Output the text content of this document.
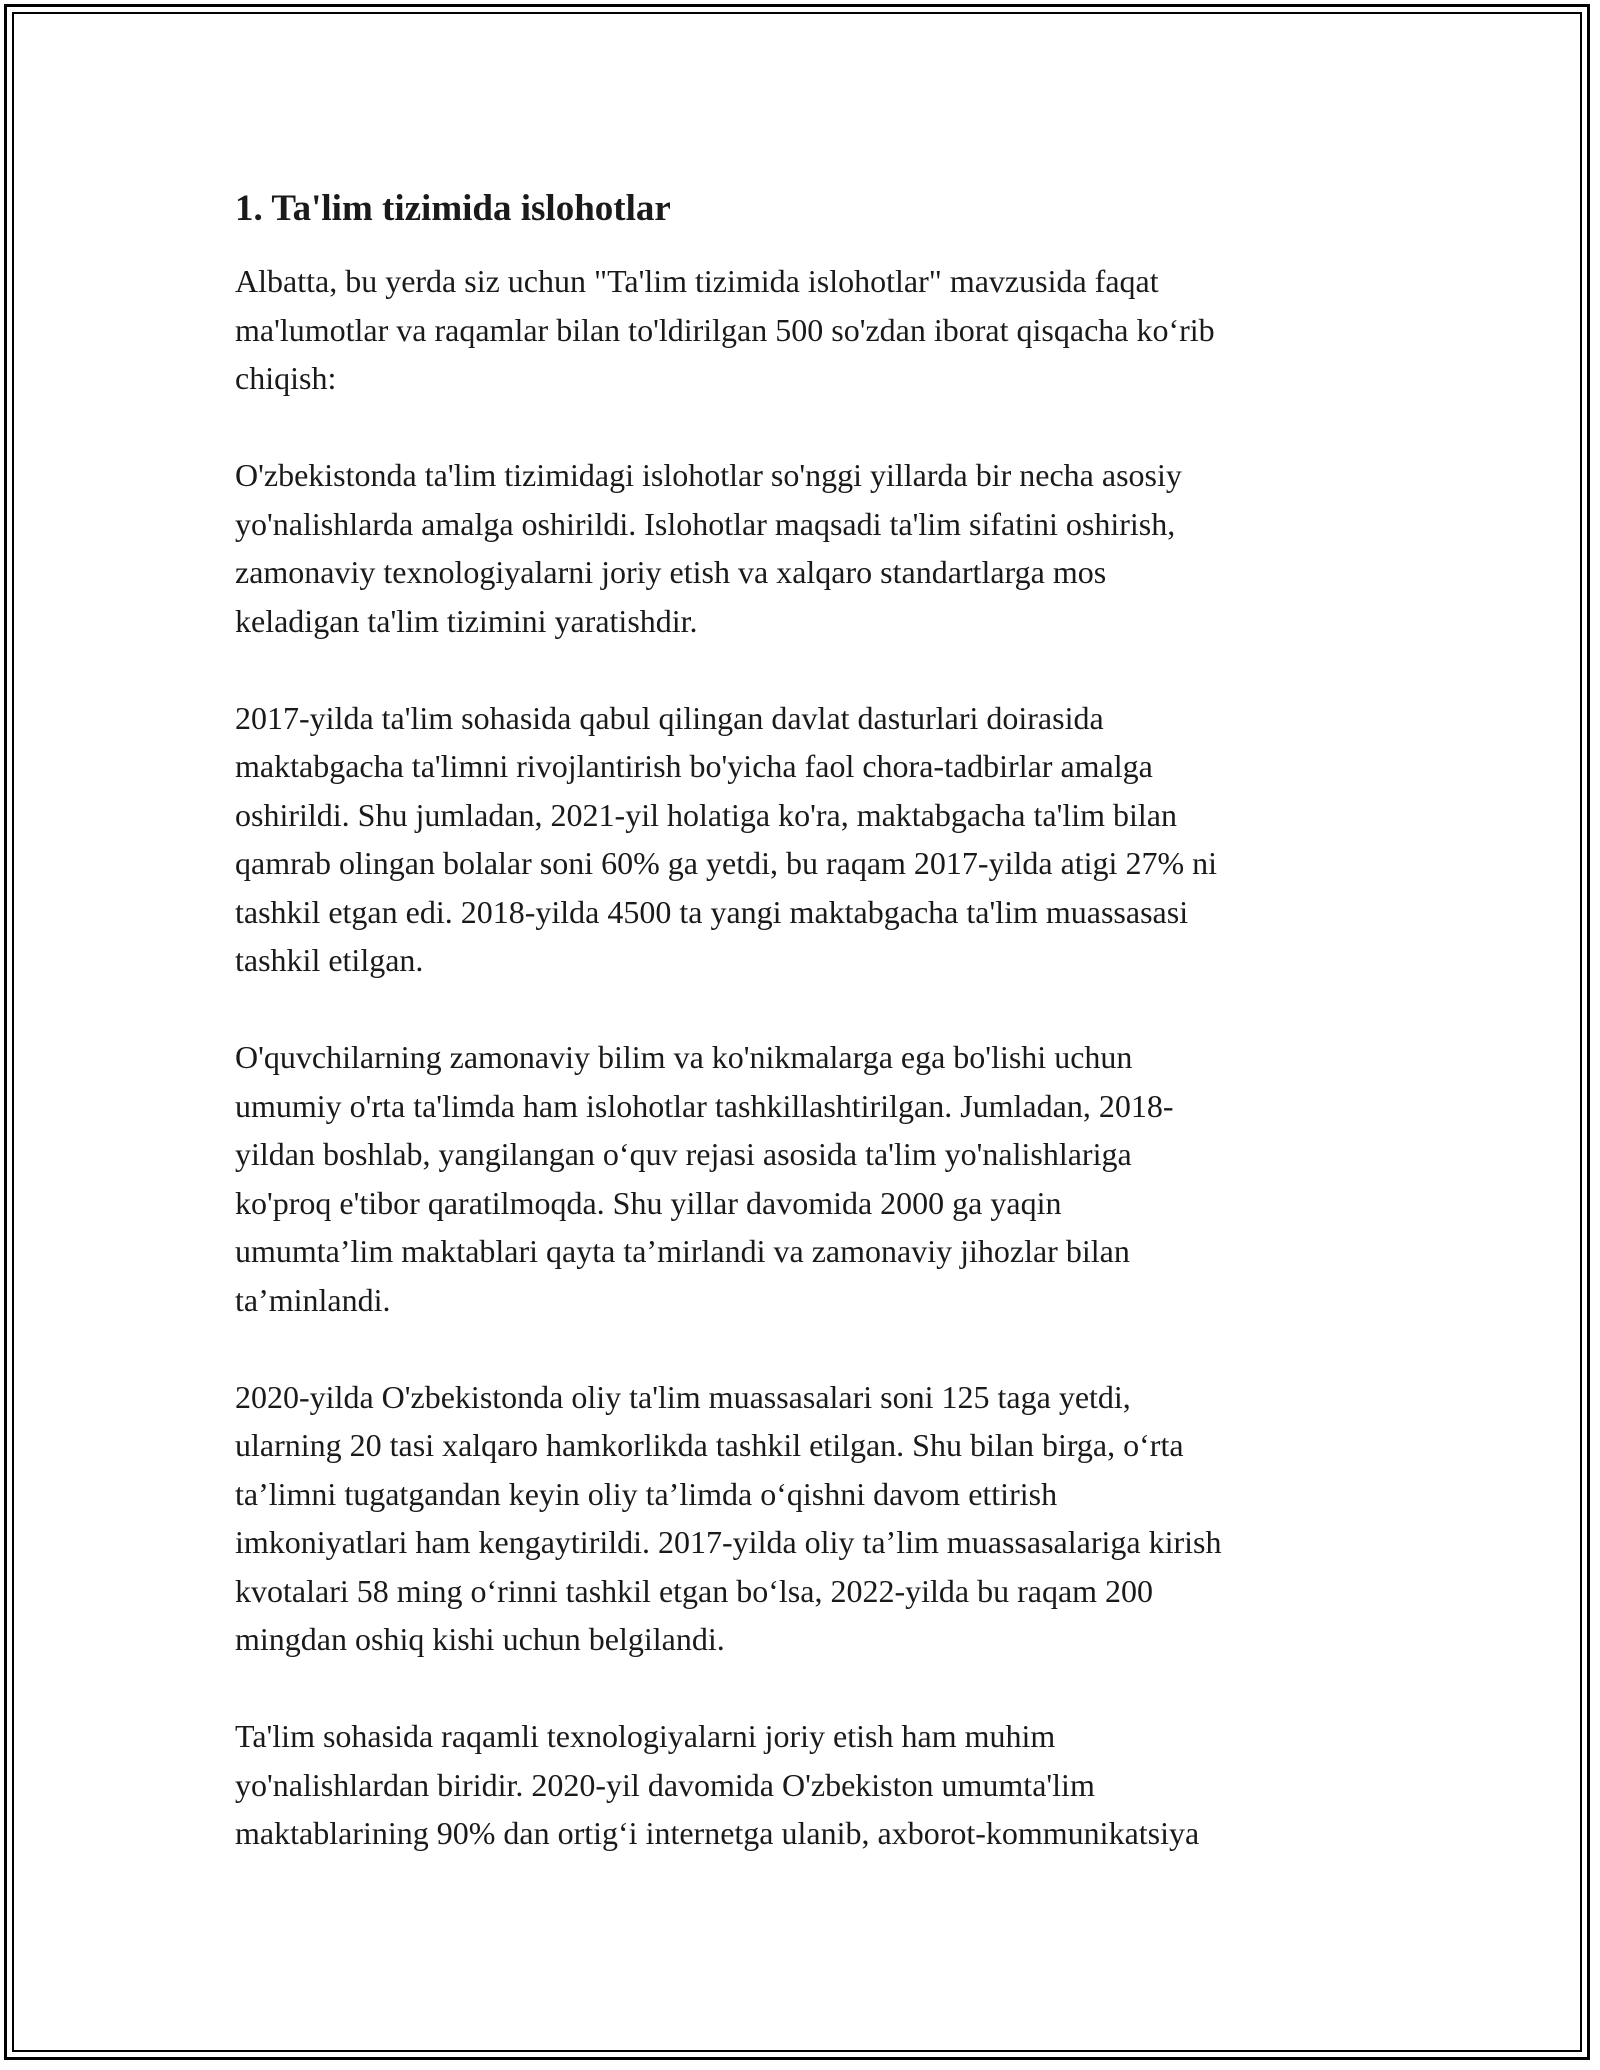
1. Ta'lim tizimida islohotlar

Albatta, bu yerda siz uchun "Ta'lim tizimida islohotlar" mavzusida faqat
ma'lumotlar va raqamlar bilan to'ldirilgan 500 so'zdan iborat qisqacha ko‘rib
chiqish:

O'zbekistonda ta'lim tizimidagi islohotlar so'nggi yillarda bir necha asosiy
yo'nalishlarda amalga oshirildi. Islohotlar maqsadi ta'lim sifatini oshirish,
zamonaviy texnologiyalarni joriy etish va xalqaro standartlarga mos
keladigan ta'lim tizimini yaratishdir.

2017-yilda ta'lim sohasida qabul qilingan davlat dasturlari doirasida
maktabgacha ta'limni rivojlantirish bo'yicha faol chora-tadbirlar amalga
oshirildi. Shu jumladan, 2021-yil holatiga ko'ra, maktabgacha ta'lim bilan
qamrab olingan bolalar soni 60% ga yetdi, bu raqam 2017-yilda atigi 27% ni
tashkil etgan edi. 2018-yilda 4500 ta yangi maktabgacha ta'lim muassasasi
tashkil etilgan.

O'quvchilarning zamonaviy bilim va ko'nikmalarga ega bo'lishi uchun
umumiy o'rta ta'limda ham islohotlar tashkillashtirilgan. Jumladan, 2018-
yildan boshlab, yangilangan o‘quv rejasi asosida ta'lim yo'nalishlariga
ko'proq e'tibor qaratilmoqda. Shu yillar davomida 2000 ga yaqin
umumta’lim maktablari qayta ta’mirlandi va zamonaviy jihozlar bilan
ta’minlandi.

2020-yilda O'zbekistonda oliy ta'lim muassasalari soni 125 taga yetdi,
ularning 20 tasi xalqaro hamkorlikda tashkil etilgan. Shu bilan birga, o‘rta
ta’limni tugatgandan keyin oliy ta’limda o‘qishni davom ettirish
imkoniyatlari ham kengaytirildi. 2017-yilda oliy ta’lim muassasalariga kirish
kvotalari 58 ming o‘rinni tashkil etgan bo‘lsa, 2022-yilda bu raqam 200
mingdan oshiq kishi uchun belgilandi.

Ta'lim sohasida raqamli texnologiyalarni joriy etish ham muhim
yo'nalishlardan biridir. 2020-yil davomida O'zbekiston umumta'lim
maktablarining 90% dan ortig‘i internetga ulanib, axborot-kommunikatsiya
